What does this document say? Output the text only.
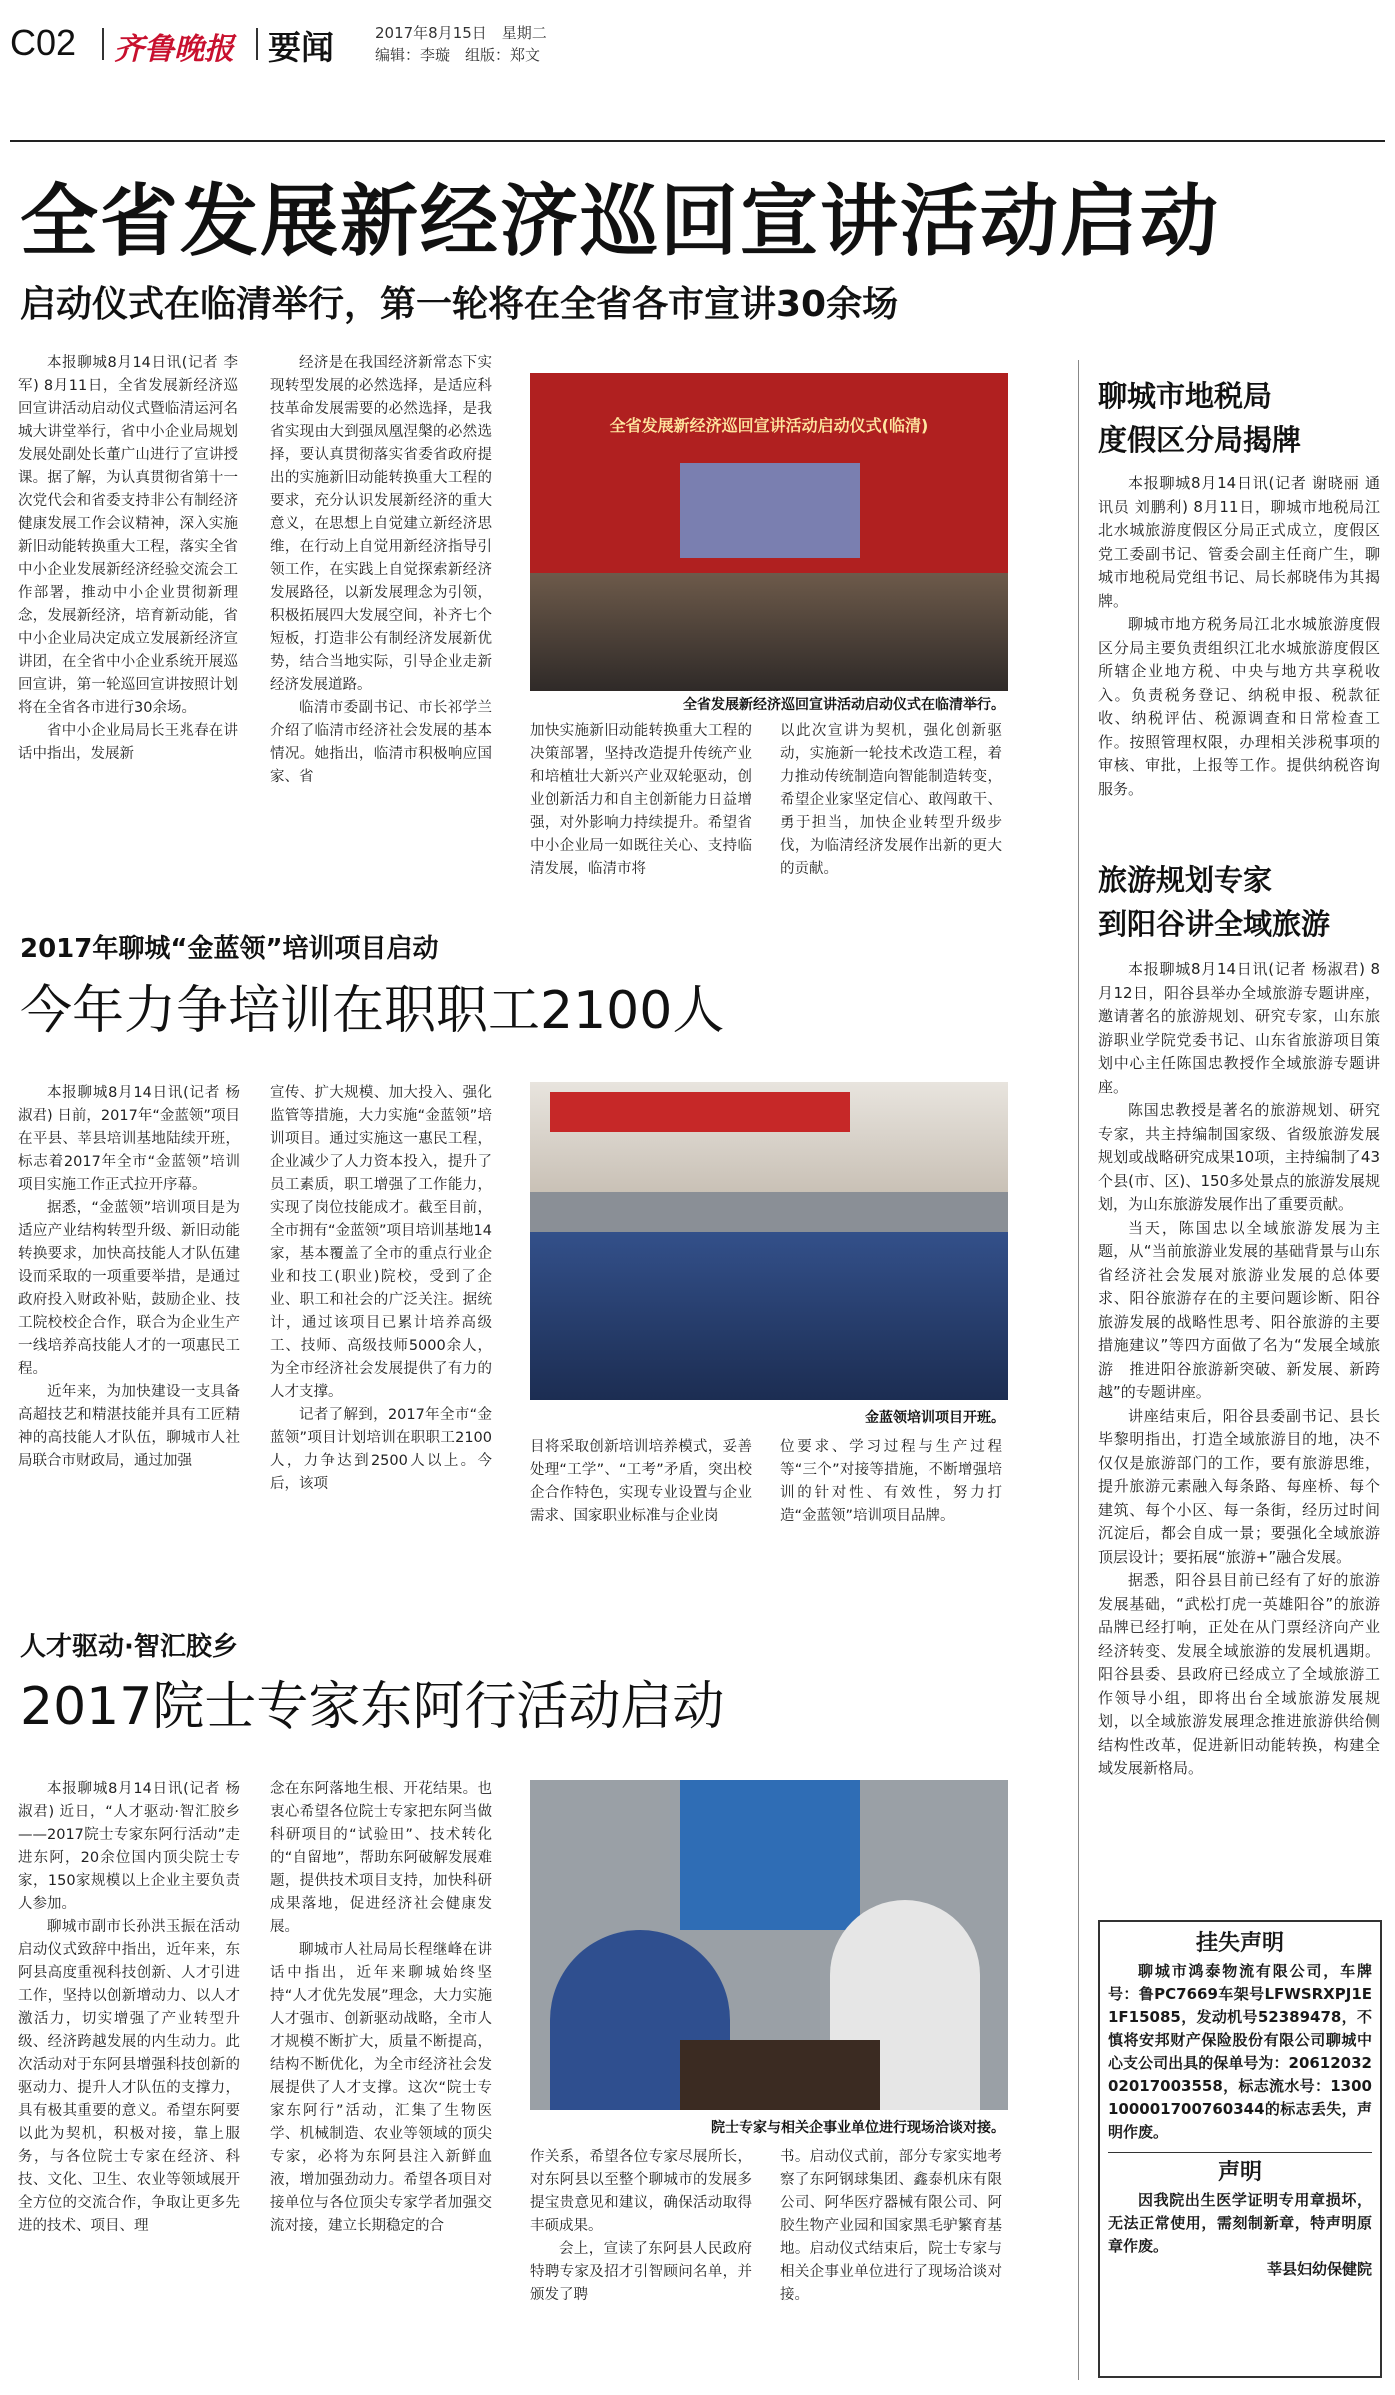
C02 齐鲁晚报 要闻	2017年8月15日　星期二
编辑：李璇　组版：郑文
全省发展新经济巡回宣讲活动启动
启动仪式在临清举行，第一轮将在全省各市宣讲30余场

本报聊城8月14日讯(记者 李军) 8月11日，全省发展新经济巡回宣讲活动启动仪式暨临清运河名城大讲堂举行，省中小企业局规划发展处副处长董广山进行了宣讲授课。据了解，为认真贯彻省第十一次党代会和省委支持非公有制经济健康发展工作会议精神，深入实施新旧动能转换重大工程，落实全省中小企业发展新经济经验交流会工作部署，推动中小企业贯彻新理念，发展新经济，培育新动能，省中小企业局决定成立发展新经济宣讲团，在全省中小企业系统开展巡回宣讲，第一轮巡回宣讲按照计划将在全省各市进行30余场。

省中小企业局局长王兆春在讲话中指出，发展新

经济是在我国经济新常态下实现转型发展的必然选择，是适应科技革命发展需要的必然选择，是我省实现由大到强凤凰涅槃的必然选择，要认真贯彻落实省委省政府提出的实施新旧动能转换重大工程的要求，充分认识发展新经济的重大意义，在思想上自觉建立新经济思维，在行动上自觉用新经济指导引领工作，在实践上自觉探索新经济发展路径，以新发展理念为引领，积极拓展四大发展空间，补齐七个短板，打造非公有制经济发展新优势，结合当地实际，引导企业走新经济发展道路。

临清市委副书记、市长祁学兰介绍了临清市经济社会发展的基本情况。她指出，临清市积极响应国家、省

全省发展新经济巡回宣讲活动启动仪式(临清)
全省发展新经济巡回宣讲活动启动仪式在临清举行。

加快实施新旧动能转换重大工程的决策部署，坚持改造提升传统产业和培植壮大新兴产业双轮驱动，创业创新活力和自主创新能力日益增强，对外影响力持续提升。希望省中小企业局一如既往关心、支持临清发展，临清市将

以此次宣讲为契机，强化创新驱动，实施新一轮技术改造工程，着力推动传统制造向智能制造转变，希望企业家坚定信心、敢闯敢干、勇于担当，加快企业转型升级步伐，为临清经济发展作出新的更大的贡献。

2017年聊城“金蓝领”培训项目启动
今年力争培训在职职工2100人

本报聊城8月14日讯(记者 杨淑君) 日前，2017年“金蓝领”项目在平县、莘县培训基地陆续开班，标志着2017年全市“金蓝领”培训项目实施工作正式拉开序幕。

据悉，“金蓝领”培训项目是为适应产业结构转型升级、新旧动能转换要求，加快高技能人才队伍建设而采取的一项重要举措，是通过政府投入财政补贴，鼓励企业、技工院校校企合作，联合为企业生产一线培养高技能人才的一项惠民工程。

近年来，为加快建设一支具备高超技艺和精湛技能并具有工匠精神的高技能人才队伍，聊城市人社局联合市财政局，通过加强

宣传、扩大规模、加大投入、强化监管等措施，大力实施“金蓝领”培训项目。通过实施这一惠民工程，企业减少了人力资本投入，提升了员工素质，职工增强了工作能力，实现了岗位技能成才。截至目前，全市拥有“金蓝领”项目培训基地14家，基本覆盖了全市的重点行业企业和技工(职业)院校，受到了企业、职工和社会的广泛关注。据统计，通过该项目已累计培养高级工、技师、高级技师5000余人，为全市经济社会发展提供了有力的人才支撑。

记者了解到，2017年全市“金蓝领”项目计划培训在职职工2100人，力争达到2500人以上。今后，该项

金蓝领培训项目开班。

目将采取创新培训培养模式，妥善处理“工学”、“工考”矛盾，突出校企合作特色，实现专业设置与企业需求、国家职业标准与企业岗

位要求、学习过程与生产过程等“三个”对接等措施，不断增强培训的针对性、有效性，努力打造“金蓝领”培训项目品牌。

人才驱动·智汇胶乡
2017院士专家东阿行活动启动

本报聊城8月14日讯(记者 杨淑君) 近日，“人才驱动·智汇胶乡——2017院士专家东阿行活动”走进东阿，20余位国内顶尖院士专家，150家规模以上企业主要负责人参加。

聊城市副市长孙洪玉振在活动启动仪式致辞中指出，近年来，东阿县高度重视科技创新、人才引进工作，坚持以创新增动力、以人才激活力，切实增强了产业转型升级、经济跨越发展的内生动力。此次活动对于东阿县增强科技创新的驱动力、提升人才队伍的支撑力，具有极其重要的意义。希望东阿要以此为契机，积极对接，靠上服务，与各位院士专家在经济、科技、文化、卫生、农业等领域展开全方位的交流合作，争取让更多先进的技术、项目、理

念在东阿落地生根、开花结果。也衷心希望各位院士专家把东阿当做科研项目的“试验田”、技术转化的“自留地”，帮助东阿破解发展难题，提供技术项目支持，加快科研成果落地，促进经济社会健康发展。

聊城市人社局局长程继峰在讲话中指出，近年来聊城始终坚持“人才优先发展”理念，大力实施人才强市、创新驱动战略，全市人才规模不断扩大，质量不断提高，结构不断优化，为全市经济社会发展提供了人才支撑。这次“院士专家东阿行”活动，汇集了生物医学、机械制造、农业等领域的顶尖专家，必将为东阿县注入新鲜血液，增加强劲动力。希望各项目对接单位与各位顶尖专家学者加强交流对接，建立长期稳定的合

院士专家与相关企事业单位进行现场洽谈对接。

作关系，希望各位专家尽展所长，对东阿县以至整个聊城市的发展多提宝贵意见和建议，确保活动取得丰硕成果。

会上，宣读了东阿县人民政府特聘专家及招才引智顾问名单，并颁发了聘

书。启动仪式前，部分专家实地考察了东阿钢球集团、鑫泰机床有限公司、阿华医疗器械有限公司、阿胶生物产业园和国家黑毛驴繁育基地。启动仪式结束后，院士专家与相关企事业单位进行了现场洽谈对接。

聊城市地税局
度假区分局揭牌

本报聊城8月14日讯(记者 谢晓丽 通讯员 刘鹏利) 8月11日，聊城市地税局江北水城旅游度假区分局正式成立，度假区党工委副书记、管委会副主任商广生，聊城市地税局党组书记、局长郝晓伟为其揭牌。

聊城市地方税务局江北水城旅游度假区分局主要负责组织江北水城旅游度假区所辖企业地方税、中央与地方共享税收入。负责税务登记、纳税申报、税款征收、纳税评估、税源调查和日常检查工作。按照管理权限，办理相关涉税事项的审核、审批，上报等工作。提供纳税咨询服务。

旅游规划专家
到阳谷讲全域旅游

本报聊城8月14日讯(记者 杨淑君) 8月12日，阳谷县举办全域旅游专题讲座，邀请著名的旅游规划、研究专家，山东旅游职业学院党委书记、山东省旅游项目策划中心主任陈国忠教授作全域旅游专题讲座。

陈国忠教授是著名的旅游规划、研究专家，共主持编制国家级、省级旅游发展规划或战略研究成果10项，主持编制了43个县(市、区)、150多处景点的旅游发展规划，为山东旅游发展作出了重要贡献。

当天，陈国忠以全域旅游发展为主题，从“当前旅游业发展的基础背景与山东省经济社会发展对旅游业发展的总体要求、阳谷旅游存在的主要问题诊断、阳谷旅游发展的战略性思考、阳谷旅游的主要措施建议”等四方面做了名为“发展全域旅游　推进阳谷旅游新突破、新发展、新跨越”的专题讲座。

讲座结束后，阳谷县委副书记、县长毕黎明指出，打造全域旅游目的地，决不仅仅是旅游部门的工作，要有旅游思维，提升旅游元素融入每条路、每座桥、每个建筑、每个小区、每一条街，经历过时间沉淀后，都会自成一景；要强化全域旅游顶层设计；要拓展“旅游+”融合发展。

据悉，阳谷县目前已经有了好的旅游发展基础，“武松打虎一英雄阳谷”的旅游品牌已经打响，正处在从门票经济向产业经济转变、发展全域旅游的发展机遇期。阳谷县委、县政府已经成立了全域旅游工作领导小组，即将出台全域旅游发展规划，以全域旅游发展理念推进旅游供给侧结构性改革，促进新旧动能转换，构建全域发展新格局。

挂失声明
聊城市鸿泰物流有限公司，车牌号：鲁PC7669车架号LFWSRXPJ1E1F15085，发动机号52389478，不慎将安邦财产保险股份有限公司聊城中心支公司出具的保单号为：2061203202017003558，标志流水号：130010000170076​0344的标志丢失，声明作废。
声明
因我院出生医学证明专用章损坏，无法正常使用，需刻制新章，特声明原章作废。
莘县妇幼保健院
